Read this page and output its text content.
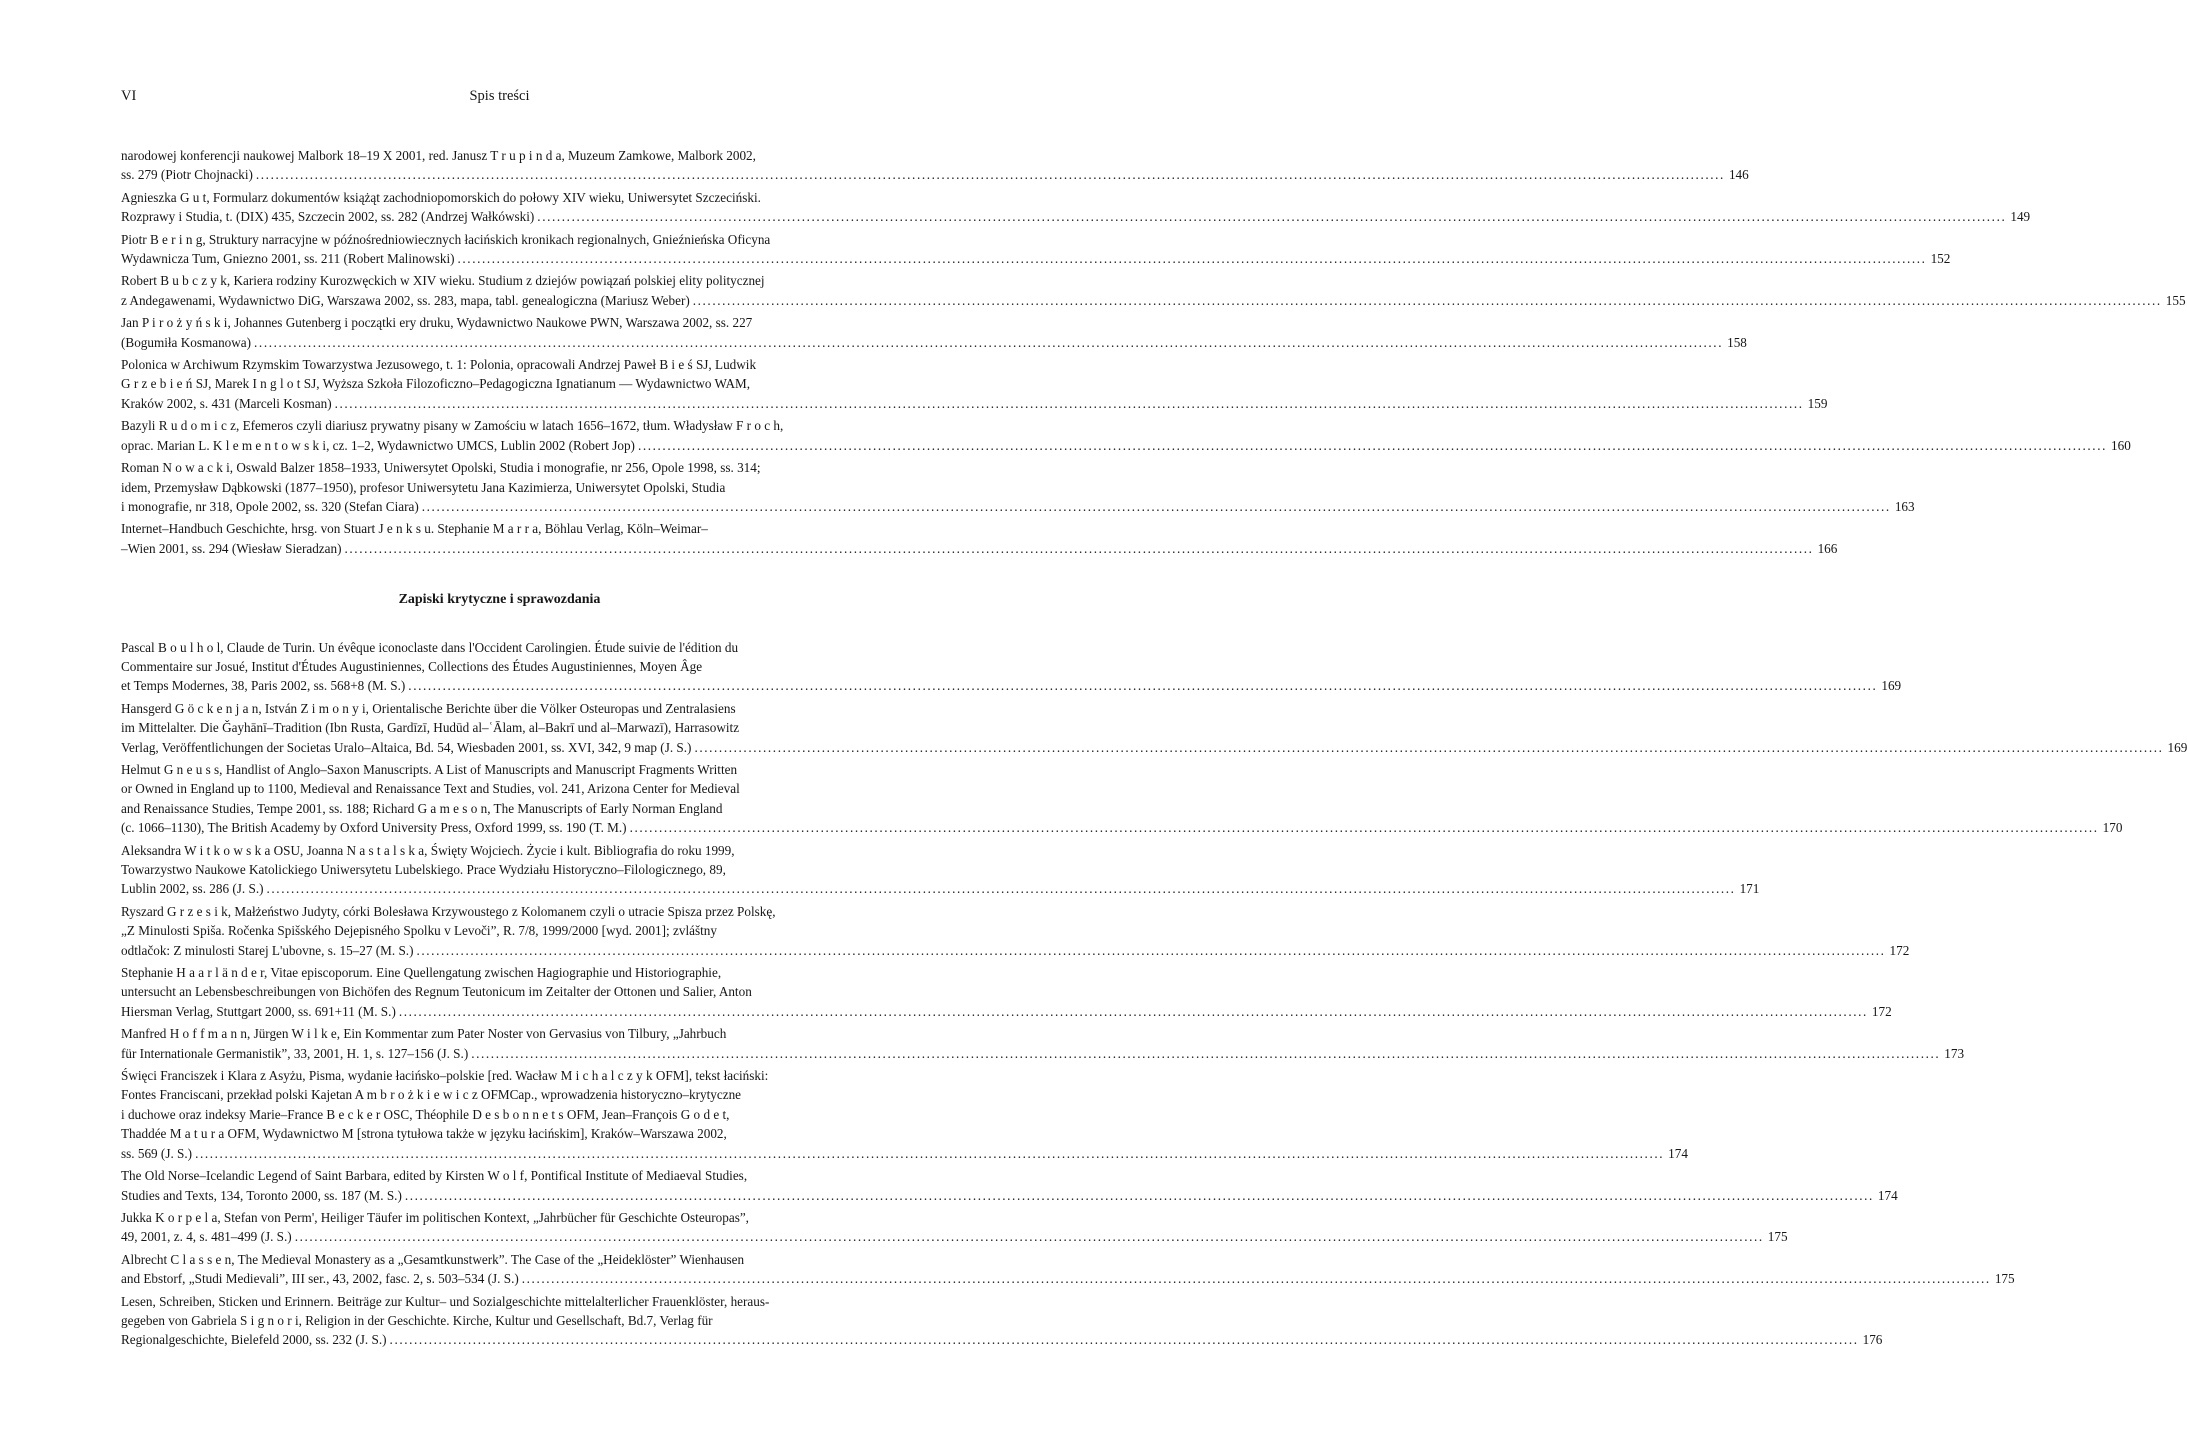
VI	Spis treści
narodowej konferencji naukowej Malbork 18–19 X 2001, red. Janusz T r u p i n d a, Muzeum Zamkowe, Malbork 2002,
ss. 279 (Piotr Chojnacki) ............................................................................................................................................................................................................................................................................................................ 146
Agnieszka G u t, Formularz dokumentów książąt zachodniopomorskich do połowy XIV wieku, Uniwersytet Szczeciński.
Rozprawy i Studia, t. (DIX) 435, Szczecin 2002, ss. 282 (Andrzej Wałkówski) ............................................................................................................................................................................................................................................................................................................ 149
Piotr B e r i n g, Struktury narracyjne w późnośredniowiecznych łacińskich kronikach regionalnych, Gnieźnieńska Oficyna
Wydawnicza Tum, Gniezno 2001, ss. 211 (Robert Malinowski) ............................................................................................................................................................................................................................................................................................................ 152
Robert B u b c z y k, Kariera rodziny Kurozwęckich w XIV wieku. Studium z dziejów powiązań polskiej elity politycznej
z Andegawenami, Wydawnictwo DiG, Warszawa 2002, ss. 283, mapa, tabl. genealogiczna (Mariusz Weber) ............................................................................................................................................................................................................................................................................................................ 155
Jan P i r o ż y ń s k i, Johannes Gutenberg i początki ery druku, Wydawnictwo Naukowe PWN, Warszawa 2002, ss. 227
(Bogumiła Kosmanowa) ............................................................................................................................................................................................................................................................................................................ 158
Polonica w Archiwum Rzymskim Towarzystwa Jezusowego, t. 1: Polonia, opracowali Andrzej Paweł B i e ś SJ, Ludwik
G r z e b i e ń SJ, Marek I n g l o t SJ, Wyższa Szkoła Filozoficzno–Pedagogiczna Ignatianum — Wydawnictwo WAM,
Kraków 2002, s. 431 (Marceli Kosman) ............................................................................................................................................................................................................................................................................................................ 159
Bazyli R u d o m i c z, Efemeros czyli diariusz prywatny pisany w Zamościu w latach 1656–1672, tłum. Władysław F r o c h,
oprac. Marian L. K l e m e n t o w s k i, cz. 1–2, Wydawnictwo UMCS, Lublin 2002 (Robert Jop) ............................................................................................................................................................................................................................................................................................................ 160
Roman N o w a c k i, Oswald Balzer 1858–1933, Uniwersytet Opolski, Studia i monografie, nr 256, Opole 1998, ss. 314;
idem, Przemysław Dąbkowski (1877–1950), profesor Uniwersytetu Jana Kazimierza, Uniwersytet Opolski, Studia
i monografie, nr 318, Opole 2002, ss. 320 (Stefan Ciara) ............................................................................................................................................................................................................................................................................................................ 163
Internet–Handbuch Geschichte, hrsg. von Stuart J e n k s u. Stephanie M a r r a, Böhlau Verlag, Köln–Weimar–
–Wien 2001, ss. 294 (Wiesław Sieradzan) ............................................................................................................................................................................................................................................................................................................ 166
Zapiski krytyczne i sprawozdania
Pascal B o u l h o l, Claude de Turin. Un évêque iconoclaste dans l'Occident Carolingien. Étude suivie de l'édition du
Commentaire sur Josué, Institut d'Études Augustiniennes, Collections des Études Augustiniennes, Moyen Âge
et Temps Modernes, 38, Paris 2002, ss. 568+8 (M. S.) ............................................................................................................................................................................................................................................................................................................ 169
Hansgerd G ö c k e n j a n, István Z i m o n y i, Orientalische Berichte über die Völker Osteuropas und Zentralasiens
im Mittelalter. Die Ǧayhānī–Tradition (Ibn Rusta, Gardīzī, Hudūd al–ʿĀlam, al–Bakrī und al–Marwazī), Harrasowitz
Verlag, Veröffentlichungen der Societas Uralo–Altaica, Bd. 54, Wiesbaden 2001, ss. XVI, 342, 9 map (J. S.) ............................................................................................................................................................................................................................................................................................................ 169
Helmut G n e u s s, Handlist of Anglo–Saxon Manuscripts. A List of Manuscripts and Manuscript Fragments Written
or Owned in England up to 1100, Medieval and Renaissance Text and Studies, vol. 241, Arizona Center for Medieval
and Renaissance Studies, Tempe 2001, ss. 188; Richard G a m e s o n, The Manuscripts of Early Norman England
(c. 1066–1130), The British Academy by Oxford University Press, Oxford 1999, ss. 190 (T. M.) ............................................................................................................................................................................................................................................................................................................ 170
Aleksandra W i t k o w s k a OSU, Joanna N a s t a l s k a, Święty Wojciech. Życie i kult. Bibliografia do roku 1999,
Towarzystwo Naukowe Katolickiego Uniwersytetu Lubelskiego. Prace Wydziału Historyczno–Filologicznego, 89,
Lublin 2002, ss. 286 (J. S.) ............................................................................................................................................................................................................................................................................................................ 171
Ryszard G r z e s i k, Małżeństwo Judyty, córki Bolesława Krzywoustego z Kolomanem czyli o utracie Spisza przez Polskę,
„Z Minulosti Spiša. Ročenka Spišského Dejepisného Spolku v Levoči”, R. 7/8, 1999/2000 [wyd. 2001]; zvláštny
odtlačok: Z minulosti Starej L'ubovne, s. 15–27 (M. S.) ............................................................................................................................................................................................................................................................................................................ 172
Stephanie H a a r l ä n d e r, Vitae episcoporum. Eine Quellengatung zwischen Hagiographie und Historiographie,
untersucht an Lebensbeschreibungen von Bichöfen des Regnum Teutonicum im Zeitalter der Ottonen und Salier, Anton
Hiersman Verlag, Stuttgart 2000, ss. 691+11 (M. S.) ............................................................................................................................................................................................................................................................................................................ 172
Manfred H o f f m a n n, Jürgen W i l k e, Ein Kommentar zum Pater Noster von Gervasius von Tilbury, „Jahrbuch
für Internationale Germanistik”, 33, 2001, H. 1, s. 127–156 (J. S.) ............................................................................................................................................................................................................................................................................................................ 173
Święci Franciszek i Klara z Asyżu, Pisma, wydanie łacińsko–polskie [red. Wacław M i c h a l c z y k OFM], tekst łaciński:
Fontes Franciscani, przekład polski Kajetan A m b r o ż k i e w i c z OFMCap., wprowadzenia historyczno–krytyczne
i duchowe oraz indeksy Marie–France B e c k e r OSC, Théophile D e s b o n n e t s OFM, Jean–François G o d e t,
Thaddée M a t u r a OFM, Wydawnictwo M [strona tytułowa także w języku łacińskim], Kraków–Warszawa 2002,
ss. 569 (J. S.) ............................................................................................................................................................................................................................................................................................................ 174
The Old Norse–Icelandic Legend of Saint Barbara, edited by Kirsten W o l f, Pontifical Institute of Mediaeval Studies,
Studies and Texts, 134, Toronto 2000, ss. 187 (M. S.) ............................................................................................................................................................................................................................................................................................................ 174
Jukka K o r p e l a, Stefan von Perm', Heiliger Täufer im politischen Kontext, „Jahrbücher für Geschichte Osteuropas”,
49, 2001, z. 4, s. 481–499 (J. S.) ............................................................................................................................................................................................................................................................................................................ 175
Albrecht C l a s s e n, The Medieval Monastery as a „Gesamtkunstwerk”. The Case of the „Heideklöster” Wienhausen
and Ebstorf, „Studi Medievali”, III ser., 43, 2002, fasc. 2, s. 503–534 (J. S.) ............................................................................................................................................................................................................................................................................................................ 175
Lesen, Schreiben, Sticken und Erinnern. Beiträge zur Kultur– und Sozialgeschichte mittelalterlicher Frauenklöster, heraus-
gegeben von Gabriela S i g n o r i, Religion in der Geschichte. Kirche, Kultur und Gesellschaft, Bd.7, Verlag für
Regionalgeschichte, Bielefeld 2000, ss. 232 (J. S.) ............................................................................................................................................................................................................................................................................................................ 176
